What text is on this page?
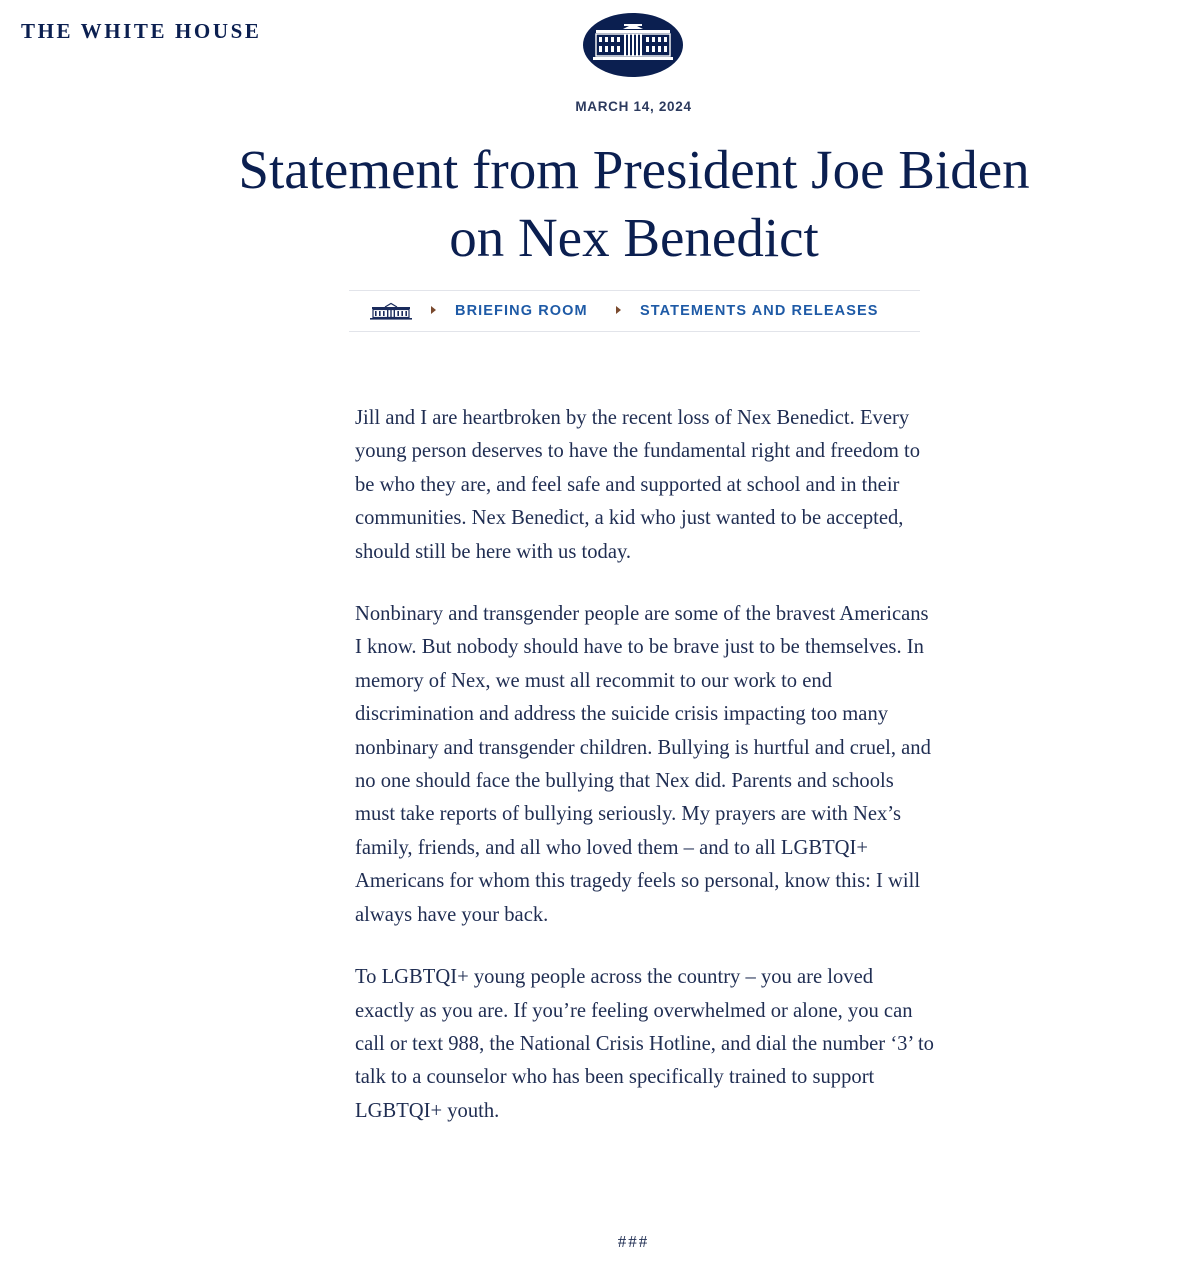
THE WHITE HOUSE
MARCH 14, 2024
Statement from President Joe Biden on Nex Benedict
BRIEFING ROOM	STATEMENTS AND RELEASES

Jill and I are heartbroken by the recent loss of Nex Benedict. Every young person deserves to have the fundamental right and freedom to be who they are, and feel safe and supported at school and in their communities. Nex Benedict, a kid who just wanted to be accepted, should still be here with us today.

Nonbinary and transgender people are some of the bravest Americans I know. But nobody should have to be brave just to be themselves. In memory of Nex, we must all recommit to our work to end discrimination and address the suicide crisis impacting too many nonbinary and transgender children. Bullying is hurtful and cruel, and no one should face the bullying that Nex did. Parents and schools must take reports of bullying seriously. My prayers are with Nex’s family, friends, and all who loved them – and to all LGBTQI+ Americans for whom this tragedy feels so personal, know this: I will always have your back.

To LGBTQI+ young people across the country – you are loved exactly as you are. If you’re feeling overwhelmed or alone, you can call or text 988, the National Crisis Hotline, and dial the number ‘3’ to talk to a counselor who has been specifically trained to support LGBTQI+ youth.

###
